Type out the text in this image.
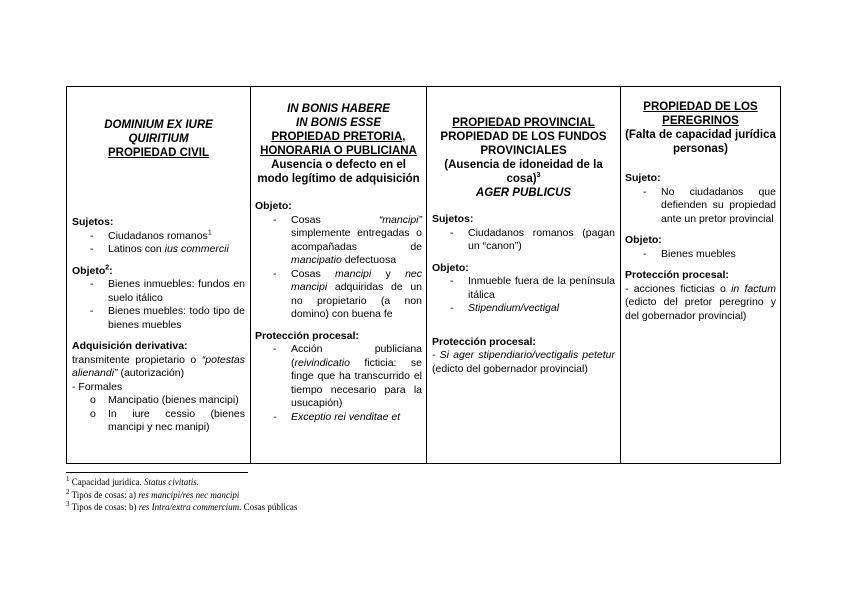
DOMINIUM EX IURE
QUIRITIUM
PROPIEDAD CIVIL
Sujetos:
- Ciudadanos romanos$^1$
- Latinos con ius commercii
Objeto$^2$:
- Bienes inmuebles: fundos en suelo itálico
- Bienes muebles: todo tipo de bienes muebles
Adquisición derivativa:
transmitente propietario o “potestas alienandi” (autorización)
- Formales
o Mancipatio (bienes mancipi)
o In iure cessio (bienes mancipi y nec manipi)

IN BONIS HABERE
IN BONIS ESSE
PROPIEDAD PRETORIA,
HONORARIA O PUBLICIANA
Ausencia o defecto en el modo legítimo de adquisición
Objeto:
- Cosas “mancipi” simplemente entregadas o acompañadas de mancipatio defectuosa
- Cosas mancipi y nec mancipi adquiridas de un no propietario (a non domino) con buena fe
Protección procesal:
- Acción publiciana (reivindicatio ficticia: se finge que ha transcurrido el tiempo necesario para la usucapión)
- Exceptio rei venditae et

PROPIEDAD PROVINCIAL
PROPIEDAD DE LOS FUNDOS PROVINCIALES
(Ausencia de idoneidad de la cosa)$^3$
AGER PUBLICUS
Sujetos:
- Ciudadanos romanos (pagan un “canon”)
Objeto:
- Inmueble fuera de la península itálica
- Stipendium/vectigal
Protección procesal:
- Si ager stipendiario/vectigalis petetur (edicto del gobernador provincial)

PROPIEDAD DE LOS PEREGRINOS
(Falta de capacidad jurídica personas)
Sujeto:
- No ciudadanos que defienden su propiedad ante un pretor provincial
Objeto:
- Bienes muebles
Protección procesal:
- acciones ficticias o in factum (edicto del pretor peregrino y del gobernador provincial)
$^1$ Capacidad jurídica. Status civitatis.
$^2$ Tipos de cosas: a) res mancipi/res nec mancipi
$^3$ Tipos de cosas: b) res Intra/extra commercium. Cosas públicas
